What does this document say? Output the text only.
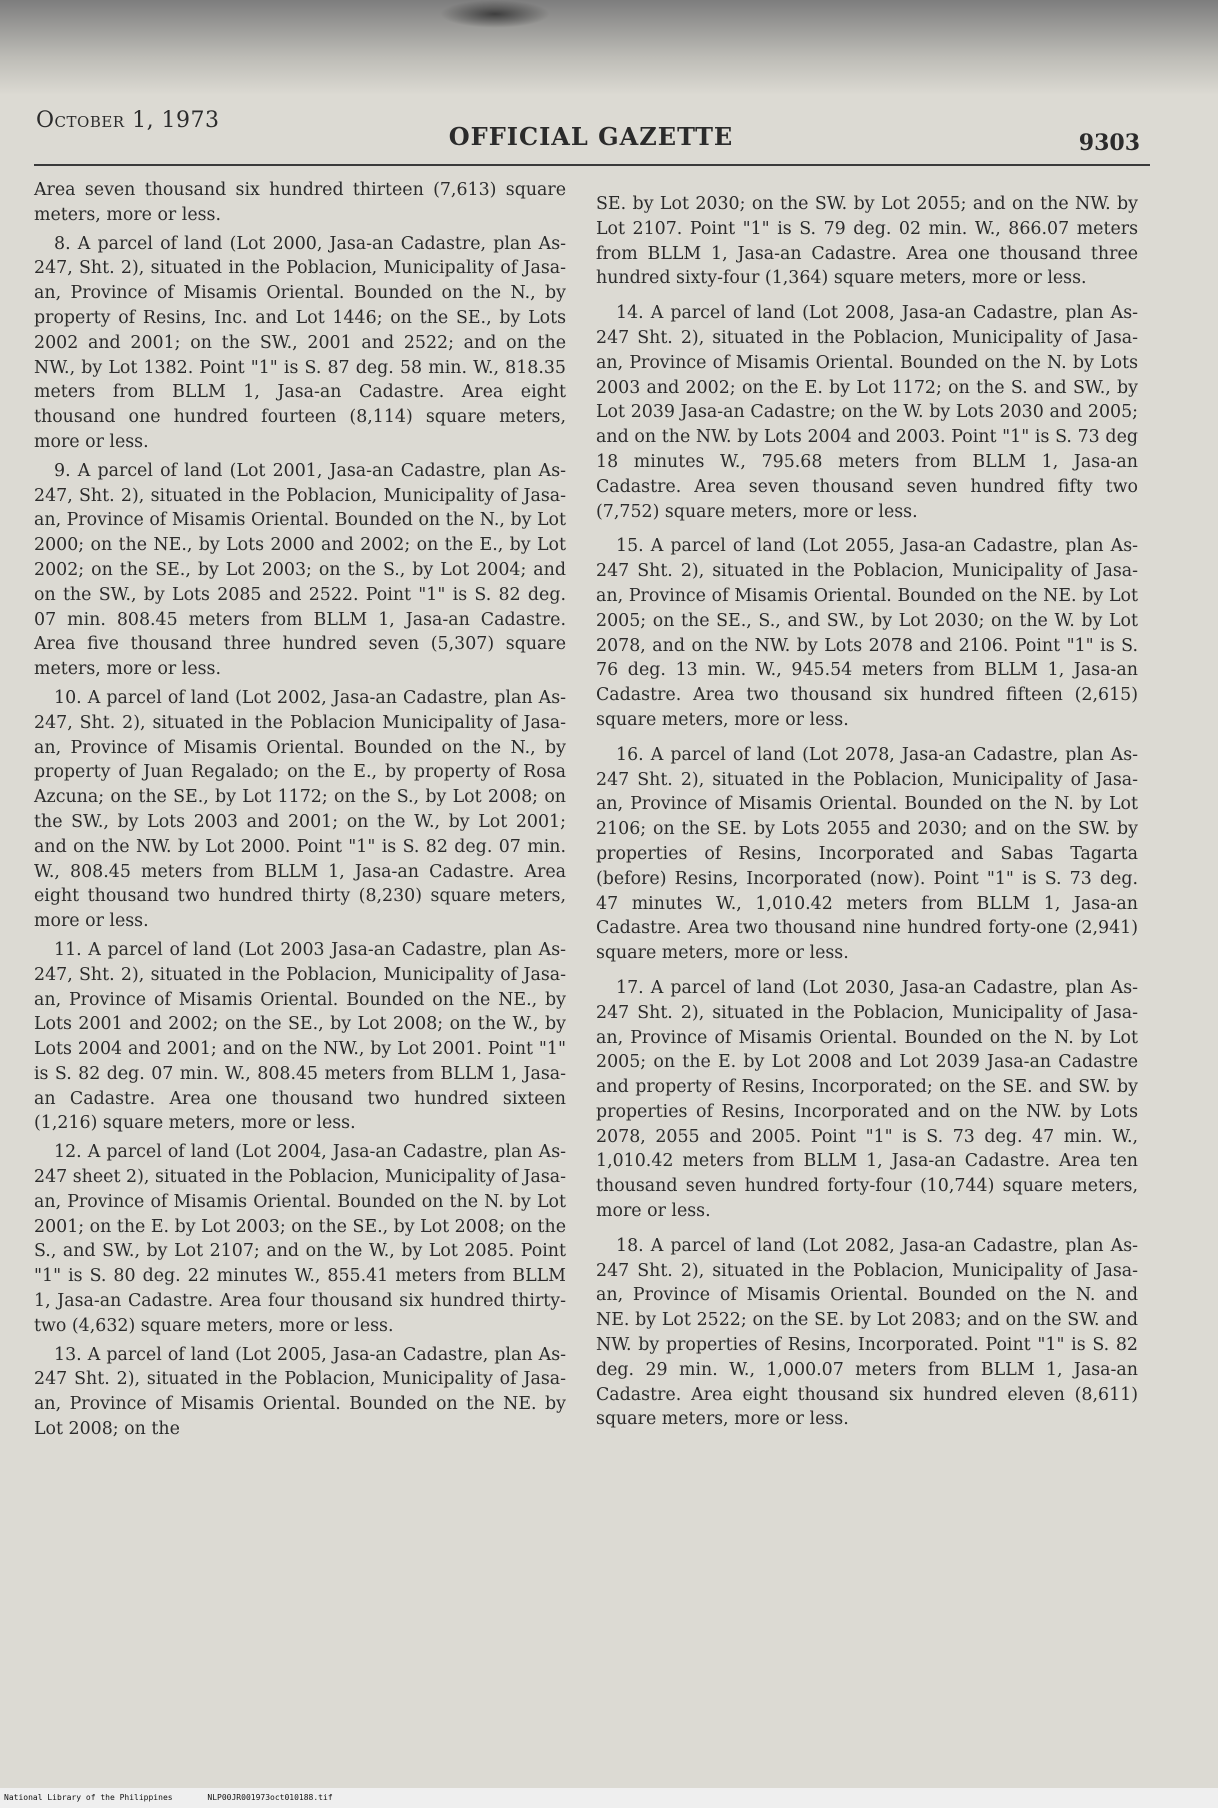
October 1, 1973
OFFICIAL GAZETTE	9303

Area seven thousand six hundred thirteen (7,613) square meters, more or less.

8. A parcel of land (Lot 2000, Jasa-an Cadastre, plan As-247, Sht. 2), situated in the Poblacion, Municipality of Jasa-an, Province of Misamis Oriental. Bounded on the N., by property of Resins, Inc. and Lot 1446; on the SE., by Lots 2002 and 2001; on the SW., 2001 and 2522; and on the NW., by Lot 1382. Point "1" is S. 87 deg. 58 min. W., 818.35 meters from BLLM 1, Jasa-an Cadastre. Area eight thousand one hundred fourteen (8,114) square meters, more or less.

9. A parcel of land (Lot 2001, Jasa-an Cadastre, plan As-247, Sht. 2), situated in the Poblacion, Municipality of Jasa-an, Province of Misamis Oriental. Bounded on the N., by Lot 2000; on the NE., by Lots 2000 and 2002; on the E., by Lot 2002; on the SE., by Lot 2003; on the S., by Lot 2004; and on the SW., by Lots 2085 and 2522. Point "1" is S. 82 deg. 07 min. 808.45 meters from BLLM 1, Jasa-an Cadastre. Area five thousand three hundred seven (5,307) square meters, more or less.

10. A parcel of land (Lot 2002, Jasa-an Cadastre, plan As-247, Sht. 2), situated in the Poblacion Municipality of Jasa-an, Province of Misamis Oriental. Bounded on the N., by property of Juan Regalado; on the E., by property of Rosa Azcuna; on the SE., by Lot 1172; on the S., by Lot 2008; on the SW., by Lots 2003 and 2001; on the W., by Lot 2001; and on the NW. by Lot 2000. Point "1" is S. 82 deg. 07 min. W., 808.45 meters from BLLM 1, Jasa-an Cadastre. Area eight thousand two hundred thirty (8,230) square meters, more or less.

11. A parcel of land (Lot 2003 Jasa-an Cadastre, plan As-247, Sht. 2), situated in the Poblacion, Municipality of Jasa-an, Province of Misamis Oriental. Bounded on the NE., by Lots 2001 and 2002; on the SE., by Lot 2008; on the W., by Lots 2004 and 2001; and on the NW., by Lot 2001. Point "1" is S. 82 deg. 07 min. W., 808.45 meters from BLLM 1, Jasa-an Cadastre. Area one thousand two hundred sixteen (1,216) square meters, more or less.

12. A parcel of land (Lot 2004, Jasa-an Cadastre, plan As-247 sheet 2), situated in the Poblacion, Municipality of Jasa-an, Province of Misamis Oriental. Bounded on the N. by Lot 2001; on the E. by Lot 2003; on the SE., by Lot 2008; on the S., and SW., by Lot 2107; and on the W., by Lot 2085. Point "1" is S. 80 deg. 22 minutes W., 855.41 meters from BLLM 1, Jasa-an Cadastre. Area four thousand six hundred thirty-two (4,632) square meters, more or less.

13. A parcel of land (Lot 2005, Jasa-an Cadastre, plan As-247 Sht. 2), situated in the Poblacion, Municipality of Jasa-an, Province of Misamis Oriental. Bounded on the NE. by Lot 2008; on the

SE. by Lot 2030; on the SW. by Lot 2055; and on the NW. by Lot 2107. Point "1" is S. 79 deg. 02 min. W., 866.07 meters from BLLM 1, Jasa-an Cadastre. Area one thousand three hundred sixty-four (1,364) square meters, more or less.

14. A parcel of land (Lot 2008, Jasa-an Cadastre, plan As-247 Sht. 2), situated in the Poblacion, Municipality of Jasa-an, Province of Misamis Oriental. Bounded on the N. by Lots 2003 and 2002; on the E. by Lot 1172; on the S. and SW., by Lot 2039 Jasa-an Cadastre; on the W. by Lots 2030 and 2005; and on the NW. by Lots 2004 and 2003. Point "1" is S. 73 deg 18 minutes W., 795.68 meters from BLLM 1, Jasa-an Cadastre. Area seven thousand seven hundred fifty two (7,752) square meters, more or less.

15. A parcel of land (Lot 2055, Jasa-an Cadastre, plan As-247 Sht. 2), situated in the Poblacion, Municipality of Jasa-an, Province of Misamis Oriental. Bounded on the NE. by Lot 2005; on the SE., S., and SW., by Lot 2030; on the W. by Lot 2078, and on the NW. by Lots 2078 and 2106. Point "1" is S. 76 deg. 13 min. W., 945.54 meters from BLLM 1, Jasa-an Cadastre. Area two thousand six hundred fifteen (2,615) square meters, more or less.

16. A parcel of land (Lot 2078, Jasa-an Cadastre, plan As-247 Sht. 2), situated in the Poblacion, Municipality of Jasa-an, Province of Misamis Oriental. Bounded on the N. by Lot 2106; on the SE. by Lots 2055 and 2030; and on the SW. by properties of Resins, Incorporated and Sabas Tagarta (before) Resins, Incorporated (now). Point "1" is S. 73 deg. 47 minutes W., 1,010.42 meters from BLLM 1, Jasa-an Cadastre. Area two thousand nine hundred forty-one (2,941) square meters, more or less.

17. A parcel of land (Lot 2030, Jasa-an Cadastre, plan As-247 Sht. 2), situated in the Poblacion, Municipality of Jasa-an, Province of Misamis Oriental. Bounded on the N. by Lot 2005; on the E. by Lot 2008 and Lot 2039 Jasa-an Cadastre and property of Resins, Incorporated; on the SE. and SW. by properties of Resins, Incorporated and on the NW. by Lots 2078, 2055 and 2005. Point "1" is S. 73 deg. 47 min. W., 1,010.42 meters from BLLM 1, Jasa-an Cadastre. Area ten thousand seven hundred forty-four (10,744) square meters, more or less.

18. A parcel of land (Lot 2082, Jasa-an Cadastre, plan As-247 Sht. 2), situated in the Poblacion, Municipality of Jasa-an, Province of Misamis Oriental. Bounded on the N. and NE. by Lot 2522; on the SE. by Lot 2083; and on the SW. and NW. by properties of Resins, Incorporated. Point "1" is S. 82 deg. 29 min. W., 1,000.07 meters from BLLM 1, Jasa-an Cadastre. Area eight thousand six hundred eleven (8,611) square meters, more or less.

National Library of the Philippines	NLP00JR001973oct010188.tif
